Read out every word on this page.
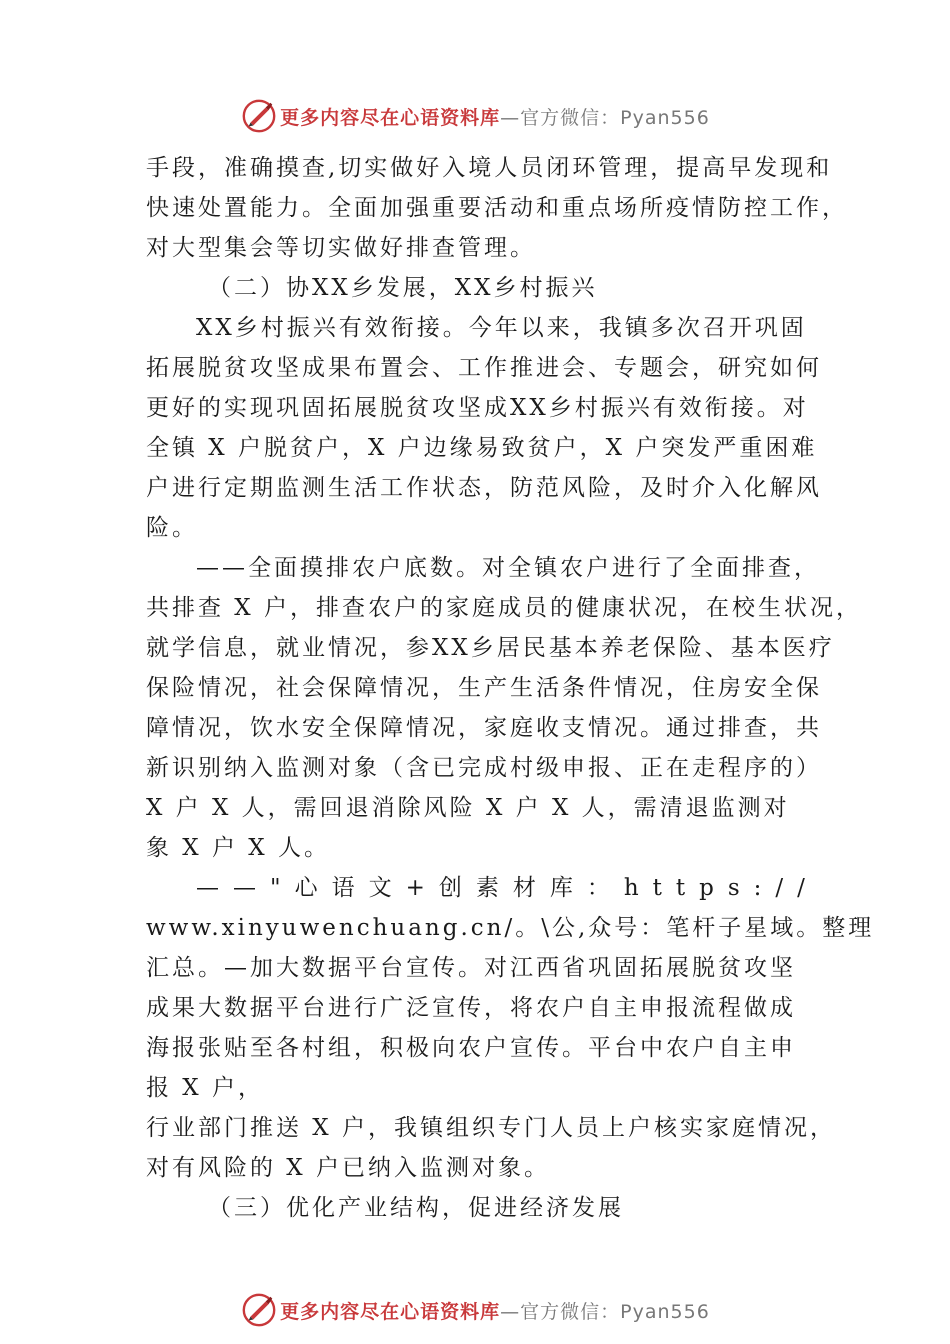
更多内容尽在心语资料库 —官方微信：Pyan556

手段，准确摸查,切实做好入境人员闭环管理，提高早发现和

快速处置能力。全面加强重要活动和重点场所疫情防控工作，

对大型集会等切实做好排查管理。

（二）协XX乡发展，XX乡村振兴

XX乡村振兴有效衔接。今年以来，我镇多次召开巩固

拓展脱贫攻坚成果布置会、工作推进会、专题会，研究如何

更好的实现巩固拓展脱贫攻坚成XX乡村振兴有效衔接。对

全镇 X 户脱贫户，X 户边缘易致贫户，X 户突发严重困难

户进行定期监测生活工作状态，防范风险，及时介入化解风

险。

——全面摸排农户底数。对全镇农户进行了全面排查，

共排查 X 户，排查农户的家庭成员的健康状况，在校生状况，

就学信息，就业情况，参XX乡居民基本养老保险、基本医疗

保险情况，社会保障情况，生产生活条件情况，住房安全保

障情况，饮水安全保障情况，家庭收支情况。通过排查，共

新识别纳入监测对象（含已完成村级申报、正在走程序的）

X 户 X 人，需回退消除风险 X 户 X 人，需清退监测对

象 X 户 X 人。

——"心语文+创素材库：https://

www.xinyuwenchuang.cn/。\公,众号：笔杆子星域。整理

汇总。—加大数据平台宣传。对江西省巩固拓展脱贫攻坚

成果大数据平台进行广泛宣传，将农户自主申报流程做成

海报张贴至各村组，积极向农户宣传。平台中农户自主申

报 X 户，

行业部门推送 X 户，我镇组织专门人员上户核实家庭情况，

对有风险的 X 户已纳入监测对象。

（三）优化产业结构，促进经济发展

更多内容尽在心语资料库 —官方微信：Pyan556
